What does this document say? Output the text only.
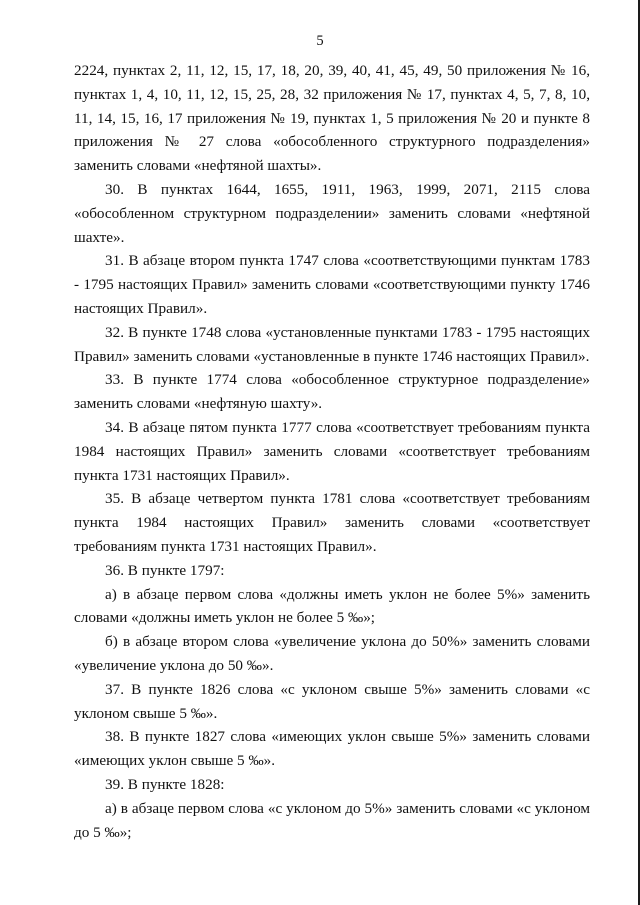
5

2224, пунктах 2, 11, 12, 15, 17, 18, 20, 39, 40, 41, 45, 49, 50 приложения № 16, пунктах 1, 4, 10, 11, 12, 15, 25, 28, 32 приложения № 17, пунктах 4, 5, 7, 8, 10, 11, 14, 15, 16, 17 приложения № 19, пунктах 1, 5 приложения № 20 и пункте 8 приложения № 27 слова «обособленного структурного подразделения» заменить словами «нефтяной шахты».

30. В пунктах 1644, 1655, 1911, 1963, 1999, 2071, 2115 слова «обособленном структурном подразделении» заменить словами «нефтяной шахте».

31. В абзаце втором пункта 1747 слова «соответствующими пунктам 1783 - 1795 настоящих Правил» заменить словами «соответствующими пункту 1746 настоящих Правил».

32. В пункте 1748 слова «установленные пунктами 1783 - 1795 настоящих Правил» заменить словами «установленные в пункте 1746 настоящих Правил».

33. В пункте 1774 слова «обособленное структурное подразделение» заменить словами «нефтяную шахту».

34. В абзаце пятом пункта 1777 слова «соответствует требованиям пункта 1984 настоящих Правил» заменить словами «соответствует требованиям пункта 1731 настоящих Правил».

35. В абзаце четвертом пункта 1781 слова «соответствует требованиям пункта 1984 настоящих Правил» заменить словами «соответствует требованиям пункта 1731 настоящих Правил».

36. В пункте 1797:

а) в абзаце первом слова «должны иметь уклон не более 5%» заменить словами «должны иметь уклон не более 5 ‰»;

б) в абзаце втором слова «увеличение уклона до 50%» заменить словами «увеличение уклона до 50 ‰».

37. В пункте 1826 слова «с уклоном свыше 5%» заменить словами «с уклоном свыше 5 ‰».

38. В пункте 1827 слова «имеющих уклон свыше 5%» заменить словами «имеющих уклон свыше 5 ‰».

39. В пункте 1828:

а) в абзаце первом слова «с уклоном до 5%» заменить словами «с уклоном до 5 ‰»;
